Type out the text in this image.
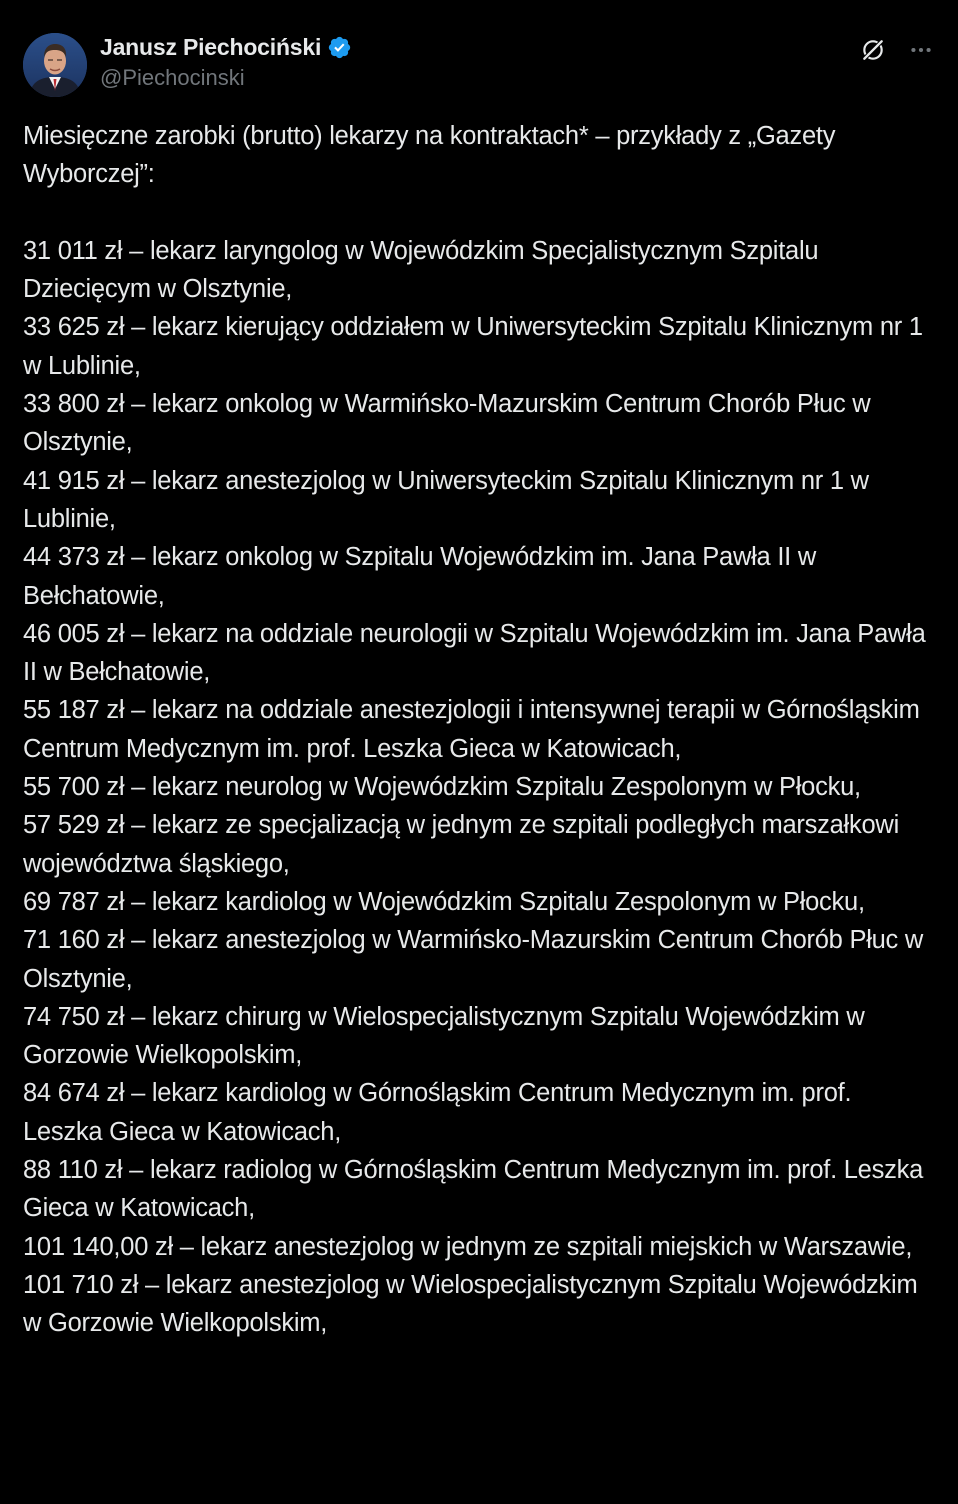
Janusz Piechociński
@Piechocinski

Miesięczne zarobki (brutto) lekarzy na kontraktach* – przykłady z „Gazety Wyborczej”:

31 011 zł – lekarz laryngolog w Wojewódzkim Specjalistycznym Szpitalu Dziecięcym w Olsztynie,

33 625 zł – lekarz kierujący oddziałem w Uniwersyteckim Szpitalu Klinicznym nr 1 w Lublinie,

33 800 zł – lekarz onkolog w Warmińsko-Mazurskim Centrum Chorób Płuc w Olsztynie,

41 915 zł – lekarz anestezjolog w Uniwersyteckim Szpitalu Klinicznym nr 1 w Lublinie,

44 373 zł – lekarz onkolog w Szpitalu Wojewódzkim im. Jana Pawła II w Bełchatowie,

46 005 zł – lekarz na oddziale neurologii w Szpitalu Wojewódzkim im. Jana Pawła II w Bełchatowie,

55 187 zł – lekarz na oddziale anestezjologii i intensywnej terapii w Górnośląskim Centrum Medycznym im. prof. Leszka Gieca w Katowicach,

55 700 zł – lekarz neurolog w Wojewódzkim Szpitalu Zespolonym w Płocku,

57 529 zł – lekarz ze specjalizacją w jednym ze szpitali podległych marszałkowi województwa śląskiego,

69 787 zł – lekarz kardiolog w Wojewódzkim Szpitalu Zespolonym w Płocku,

71 160 zł – lekarz anestezjolog w Warmińsko-Mazurskim Centrum Chorób Płuc w Olsztynie,

74 750 zł – lekarz chirurg w Wielospecjalistycznym Szpitalu Wojewódzkim w Gorzowie Wielkopolskim,

84 674 zł – lekarz kardiolog w Górnośląskim Centrum Medycznym im. prof. Leszka Gieca w Katowicach,

88 110 zł – lekarz radiolog w Górnośląskim Centrum Medycznym im. prof. Leszka Gieca w Katowicach,

101 140,00 zł – lekarz anestezjolog w jednym ze szpitali miejskich w Warszawie,

101 710 zł – lekarz anestezjolog w Wielospecjalistycznym Szpitalu Wojewódzkim w Gorzowie Wielkopolskim,
